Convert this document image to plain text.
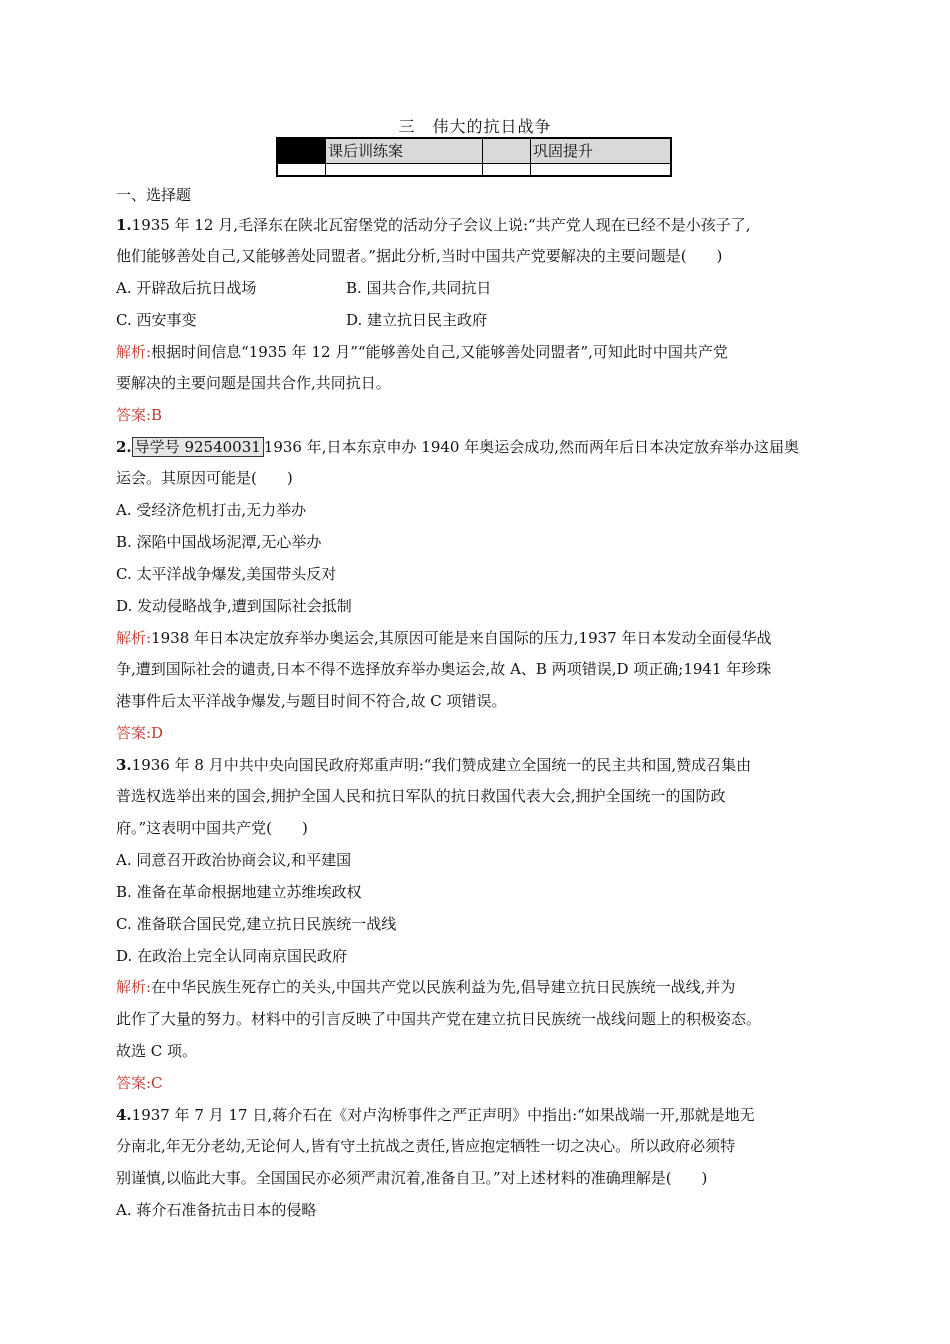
三　伟大的抗日战争
课后训练案	巩固提升
一、选择题
1.1935 年 12 月,毛泽东在陕北瓦窑堡党的活动分子会议上说:“共产党人现在已经不是小孩子了,
他们能够善处自己,又能够善处同盟者。”据此分析,当时中国共产党要解决的主要问题是(　　)
A. 开辟敌后抗日战场	B. 国共合作,共同抗日
C. 西安事变	D. 建立抗日民主政府
解析:根据时间信息“1935 年 12 月”“能够善处自己,又能够善处同盟者”,可知此时中国共产党
要解决的主要问题是国共合作,共同抗日。
答案:B
2. 导学号 92540031 1936 年,日本东京申办 1940 年奥运会成功,然而两年后日本决定放弃举办这届奥
运会。其原因可能是(　　)
A. 受经济危机打击,无力举办
B. 深陷中国战场泥潭,无心举办
C. 太平洋战争爆发,美国带头反对
D. 发动侵略战争,遭到国际社会抵制
解析:1938 年日本决定放弃举办奥运会,其原因可能是来自国际的压力,1937 年日本发动全面侵华战
争,遭到国际社会的谴责,日本不得不选择放弃举办奥运会,故 A、B 两项错误,D 项正确;1941 年珍珠
港事件后太平洋战争爆发,与题目时间不符合,故 C 项错误。
答案:D
3.1936 年 8 月中共中央向国民政府郑重声明:“我们赞成建立全国统一的民主共和国,赞成召集由
普选权选举出来的国会,拥护全国人民和抗日军队的抗日救国代表大会,拥护全国统一的国防政
府。”这表明中国共产党(　　)
A. 同意召开政治协商会议,和平建国
B. 准备在革命根据地建立苏维埃政权
C. 准备联合国民党,建立抗日民族统一战线
D. 在政治上完全认同南京国民政府
解析:在中华民族生死存亡的关头,中国共产党以民族利益为先,倡导建立抗日民族统一战线,并为
此作了大量的努力。材料中的引言反映了中国共产党在建立抗日民族统一战线问题上的积极姿态。
故选 C 项。
答案:C
4.1937 年 7 月 17 日,蒋介石在《对卢沟桥事件之严正声明》中指出:“如果战端一开,那就是地无
分南北,年无分老幼,无论何人,皆有守土抗战之责任,皆应抱定牺牲一切之决心。所以政府必须特
别谨慎,以临此大事。全国国民亦必须严肃沉着,准备自卫。”对上述材料的准确理解是(　　)
A. 蒋介石准备抗击日本的侵略
